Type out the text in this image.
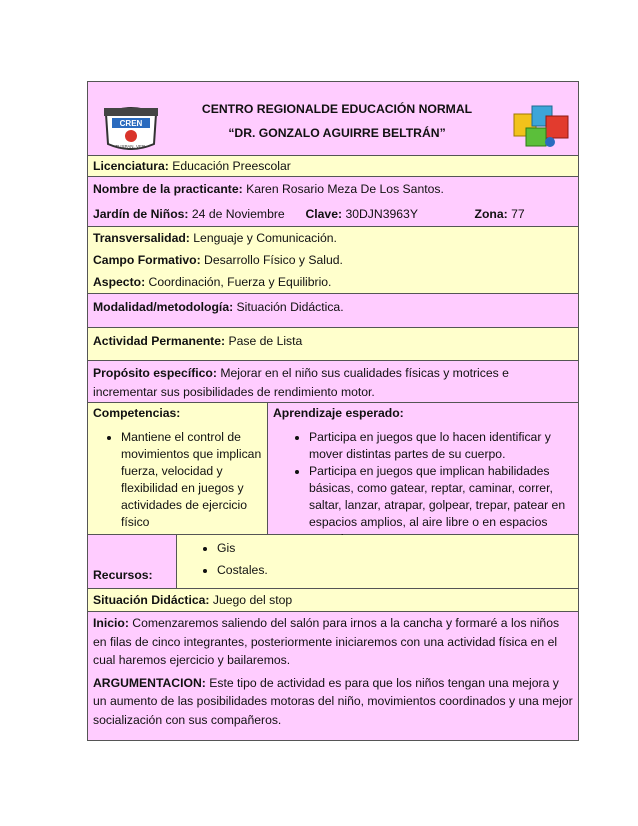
CREN
TUXPAN, VER.
CENTRO REGIONALDE EDUCACIÓN NORMAL
“DR. GONZALO AGUIRRE BELTRÁN”
Licenciatura: Educación Preescolar
Nombre de la practicante: Karen Rosario Meza De Los Santos.
Jardín de Niños: 24 de Noviembre Clave: 30DJN3963Y	Zona: 77
Transversalidad: Lenguaje y Comunicación.
Campo Formativo: Desarrollo Físico y Salud.
Aspecto: Coordinación, Fuerza y Equilibrio.
Modalidad/metodología: Situación Didáctica.
Actividad Permanente: Pase de Lista
Propósito específico: Mejorar en el niño sus cualidades físicas y motrices e incrementar sus posibilidades de rendimiento motor.
Competencias:
• Mantiene el control de movimientos que implican fuerza, velocidad y flexibilidad en juegos y actividades de ejercicio físico
Aprendizaje esperado:
• Participa en juegos que lo hacen identificar y mover distintas partes de su cuerpo.
• Participa en juegos que implican habilidades básicas, como gatear, reptar, caminar, correr, saltar, lanzar, atrapar, golpear, trepar, patear en espacios amplios, al aire libre o en espacios
Recursos:
• Gis
• Costales.
Situación Didáctica: Juego del stop
Inicio: Comenzaremos saliendo del salón para irnos a la cancha y formaré a los niños en filas de cinco integrantes, posteriormente iniciaremos con una actividad física en el cual haremos ejercicio y bailaremos.
ARGUMENTACION: Este tipo de actividad es para que los niños tengan una mejora y un aumento de las posibilidades motoras del niño, movimientos coordinados y una mejor socialización con sus compañeros.
